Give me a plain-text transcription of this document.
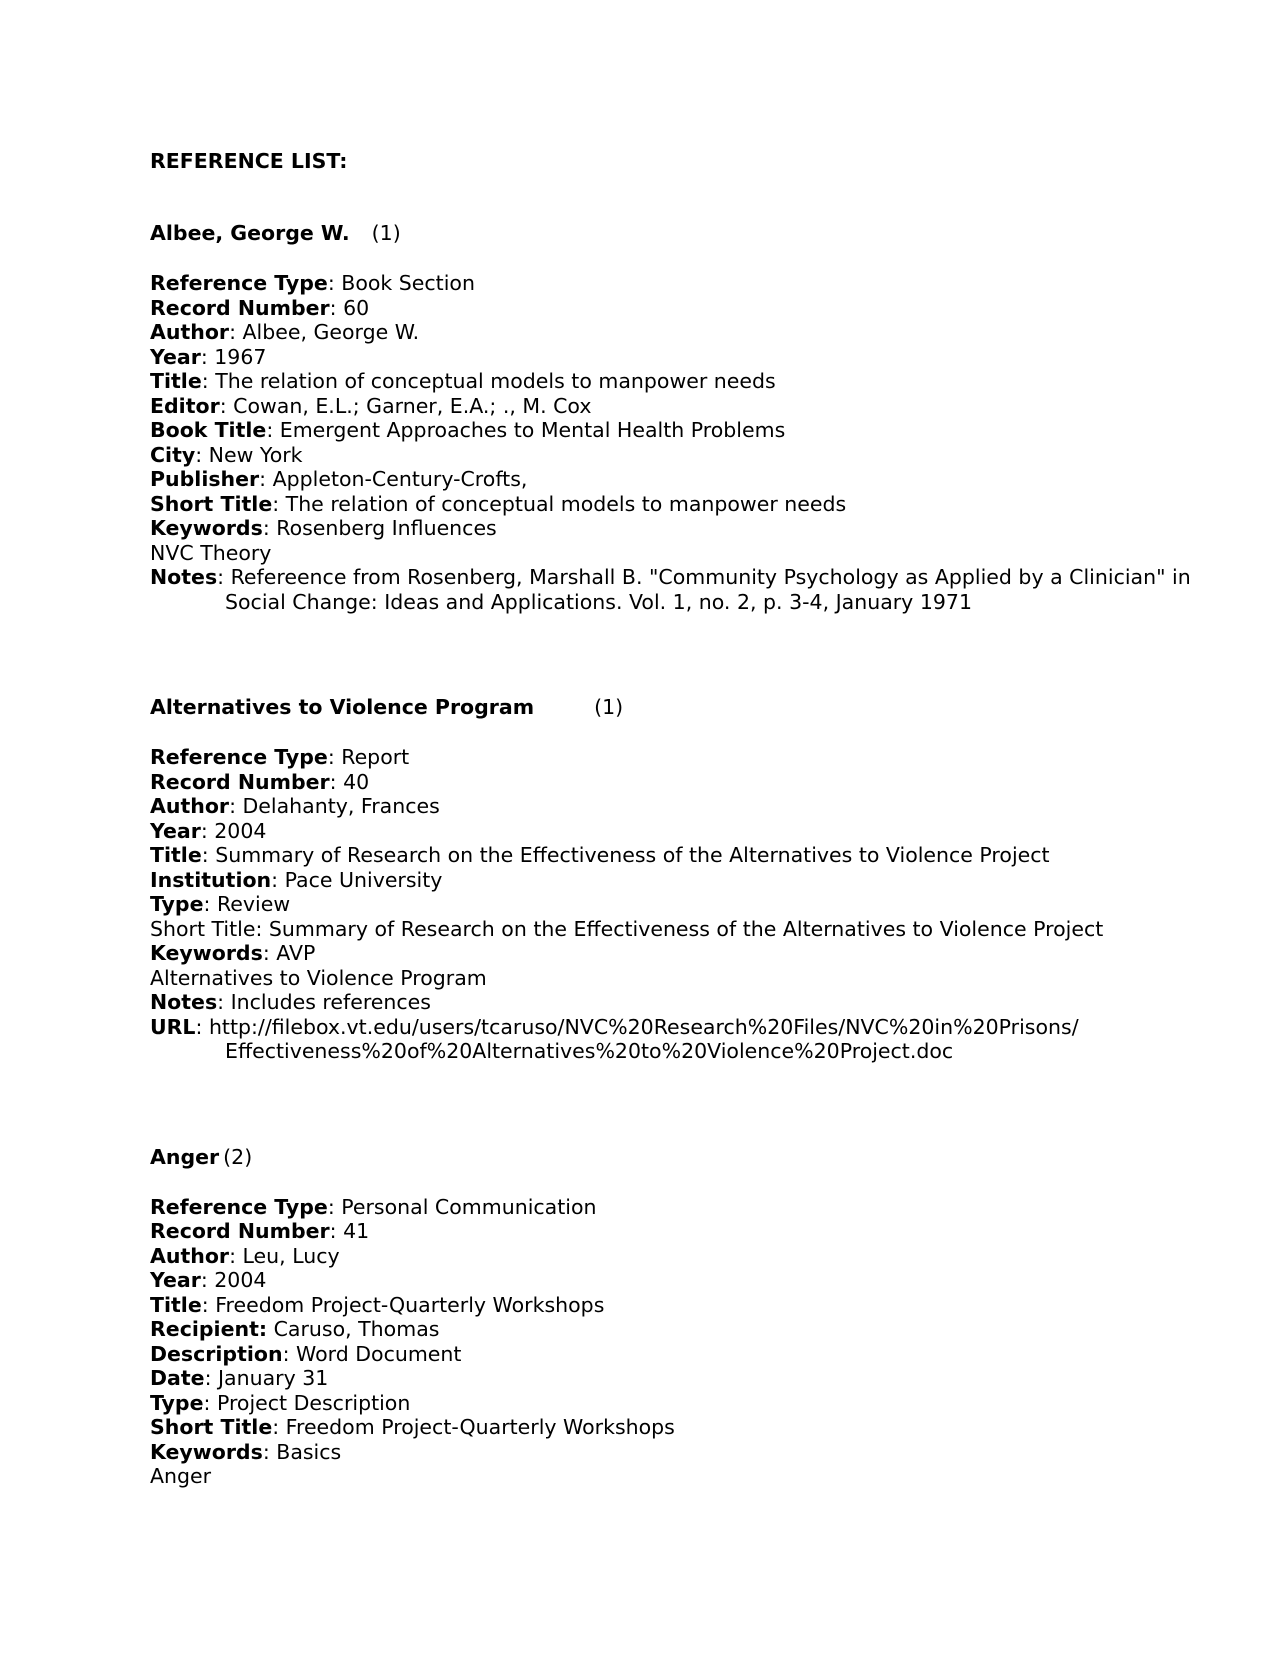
REFERENCE LIST:
Albee, George W. (1)
Reference Type: Book Section
Record Number: 60
Author: Albee, George W.
Year: 1967
Title: The relation of conceptual models to manpower needs
Editor: Cowan, E.L.; Garner, E.A.; ., M. Cox
Book Title: Emergent Approaches to Mental Health Problems
City: New York
Publisher: Appleton-Century-Crofts,
Short Title: The relation of conceptual models to manpower needs
Keywords: Rosenberg Influences
NVC Theory
Notes: Refereence from Rosenberg, Marshall B. "Community Psychology as Applied by a Clinician" in Social Change: Ideas and Applications. Vol. 1, no. 2, p. 3-4, January 1971
Alternatives to Violence Program	(1)
Reference Type: Report
Record Number: 40
Author: Delahanty, Frances
Year: 2004
Title: Summary of Research on the Effectiveness of the Alternatives to Violence Project
Institution: Pace University
Type: Review
Short Title: Summary of Research on the Effectiveness of the Alternatives to Violence Project
Keywords: AVP
Alternatives to Violence Program
Notes: Includes references
URL: http://filebox.vt.edu/users/tcaruso/NVC%20Research%20Files/NVC%20in%20Prisons/ Effectiveness%20of%20Alternatives%20to%20Violence%20Project.doc
Anger (2)
Reference Type: Personal Communication
Record Number: 41
Author: Leu, Lucy
Year: 2004
Title: Freedom Project-Quarterly Workshops
Recipient: Caruso, Thomas
Description: Word Document
Date: January 31
Type: Project Description
Short Title: Freedom Project-Quarterly Workshops
Keywords: Basics
Anger
